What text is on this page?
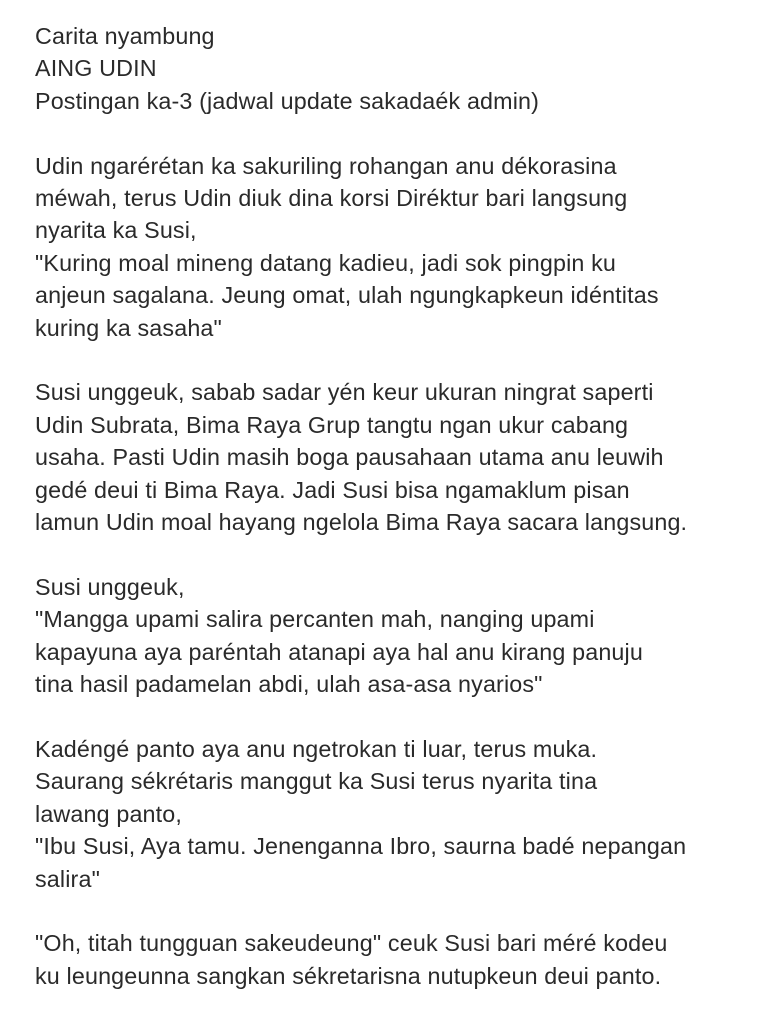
Carita nyambung
AING UDIN
Postingan ka-3 (jadwal update sakadaék admin)
Udin ngarérétan ka sakuriling rohangan anu dékorasina
méwah, terus Udin diuk dina korsi Diréktur bari langsung
nyarita ka Susi,
"Kuring moal mineng datang kadieu, jadi sok pingpin ku
anjeun sagalana. Jeung omat, ulah ngungkapkeun idéntitas
kuring ka sasaha"
Susi unggeuk, sabab sadar yén keur ukuran ningrat saperti
Udin Subrata, Bima Raya Grup tangtu ngan ukur cabang
usaha. Pasti Udin masih boga pausahaan utama anu leuwih
gedé deui ti Bima Raya. Jadi Susi bisa ngamaklum pisan
lamun Udin moal hayang ngelola Bima Raya sacara langsung.
Susi unggeuk,
"Mangga upami salira percanten mah, nanging upami
kapayuna aya paréntah atanapi aya hal anu kirang panuju
tina hasil padamelan abdi, ulah asa-asa nyarios"
Kadéngé panto aya anu ngetrokan ti luar, terus muka.
Saurang sékrétaris manggut ka Susi terus nyarita tina
lawang panto,
"Ibu Susi, Aya tamu. Jenenganna Ibro, saurna badé nepangan
salira"
"Oh, titah tungguan sakeudeung" ceuk Susi bari méré kodeu
ku leungeunna sangkan sékretarisna nutupkeun deui panto.
